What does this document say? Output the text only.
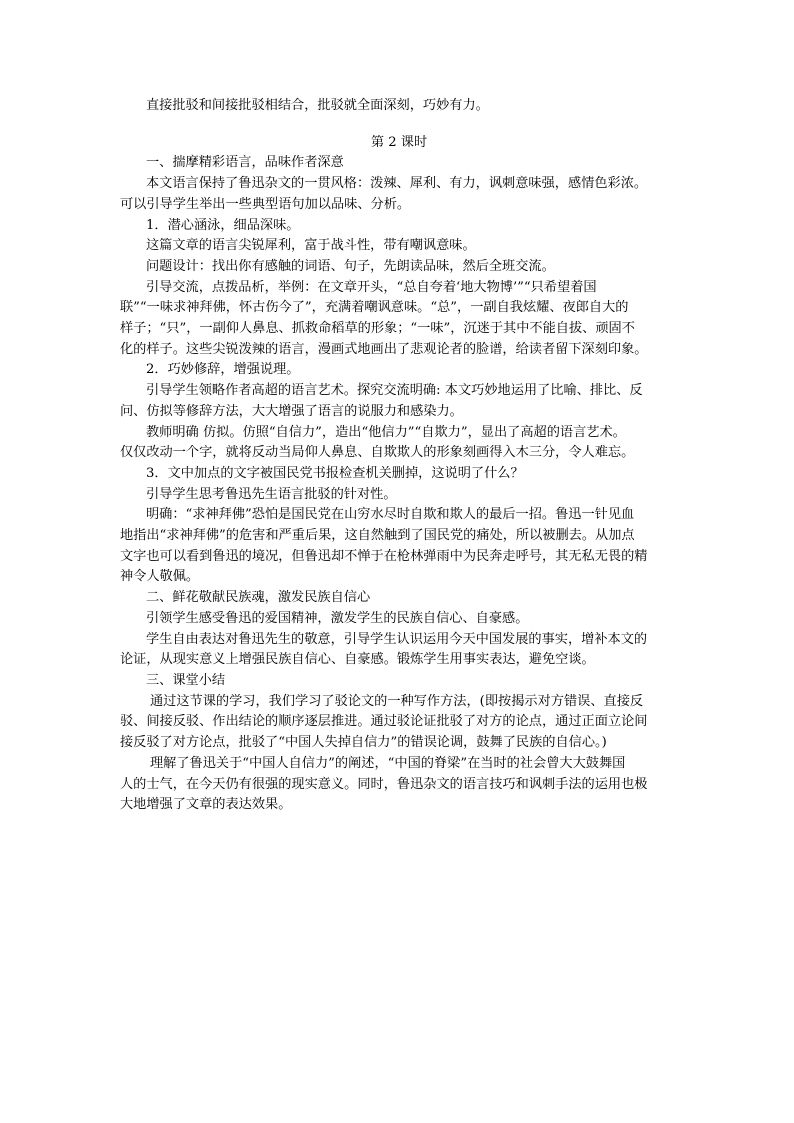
直接批驳和间接批驳相结合，批驳就全面深刻，巧妙有力。

第 2 课时

一、揣摩精彩语言，品味作者深意

本文语言保持了鲁迅杂文的一贯风格：泼辣、犀利、有力，讽刺意味强，感情色彩浓。

可以引导学生举出一些典型语句加以品味、分析。

1．潜心涵泳，细品深味。

这篇文章的语言尖锐犀利，富于战斗性，带有嘲讽意味。

问题设计：找出你有感触的词语、句子，先朗读品味，然后全班交流。

引导交流，点拨品析，举例：在文章开头，“总自夸着‘地大物博’”“只希望着国

联”“一味求神拜佛，怀古伤今了”，充满着嘲讽意味。“总”，一副自我炫耀、夜郎自大的

样子；“只”，一副仰人鼻息、抓救命稻草的形象；“一味”，沉迷于其中不能自拔、顽固不

化的样子。这些尖锐泼辣的语言，漫画式地画出了悲观论者的脸谱，给读者留下深刻印象。

2．巧妙修辞，增强说理。

引导学生领略作者高超的语言艺术。探究交流明确: 本文巧妙地运用了比喻、排比、反

问、仿拟等修辞方法，大大增强了语言的说服力和感染力。

教师明确 仿拟。仿照“自信力”，造出“他信力”“自欺力”，显出了高超的语言艺术。

仅仅改动一个字，就将反动当局仰人鼻息、自欺欺人的形象刻画得入木三分，令人难忘。

3．文中加点的文字被国民党书报检查机关删掉，这说明了什么？

引导学生思考鲁迅先生语言批驳的针对性。

明确：“求神拜佛”恐怕是国民党在山穷水尽时自欺和欺人的最后一招。鲁迅一针见血

地指出“求神拜佛”的危害和严重后果，这自然触到了国民党的痛处，所以被删去。从加点

文字也可以看到鲁迅的境况，但鲁迅却不惮于在枪林弹雨中为民奔走呼号，其无私无畏的精

神令人敬佩。

二、鲜花敬献民族魂，激发民族自信心

引领学生感受鲁迅的爱国精神，激发学生的民族自信心、自豪感。

学生自由表达对鲁迅先生的敬意，引导学生认识运用今天中国发展的事实，增补本文的

论证，从现实意义上增强民族自信心、自豪感。锻炼学生用事实表达，避免空谈。

三、课堂小结

通过这节课的学习，我们学习了驳论文的一种写作方法，(即按揭示对方错误、直接反

驳、间接反驳、作出结论的顺序逐层推进。通过驳论证批驳了对方的论点，通过正面立论间

接反驳了对方论点，批驳了“中国人失掉自信力”的错误论调，鼓舞了民族的自信心。)

理解了鲁迅关于“中国人自信力”的阐述，“中国的脊梁”在当时的社会曾大大鼓舞国

人的士气，在今天仍有很强的现实意义。同时，鲁迅杂文的语言技巧和讽刺手法的运用也极

大地增强了文章的表达效果。
